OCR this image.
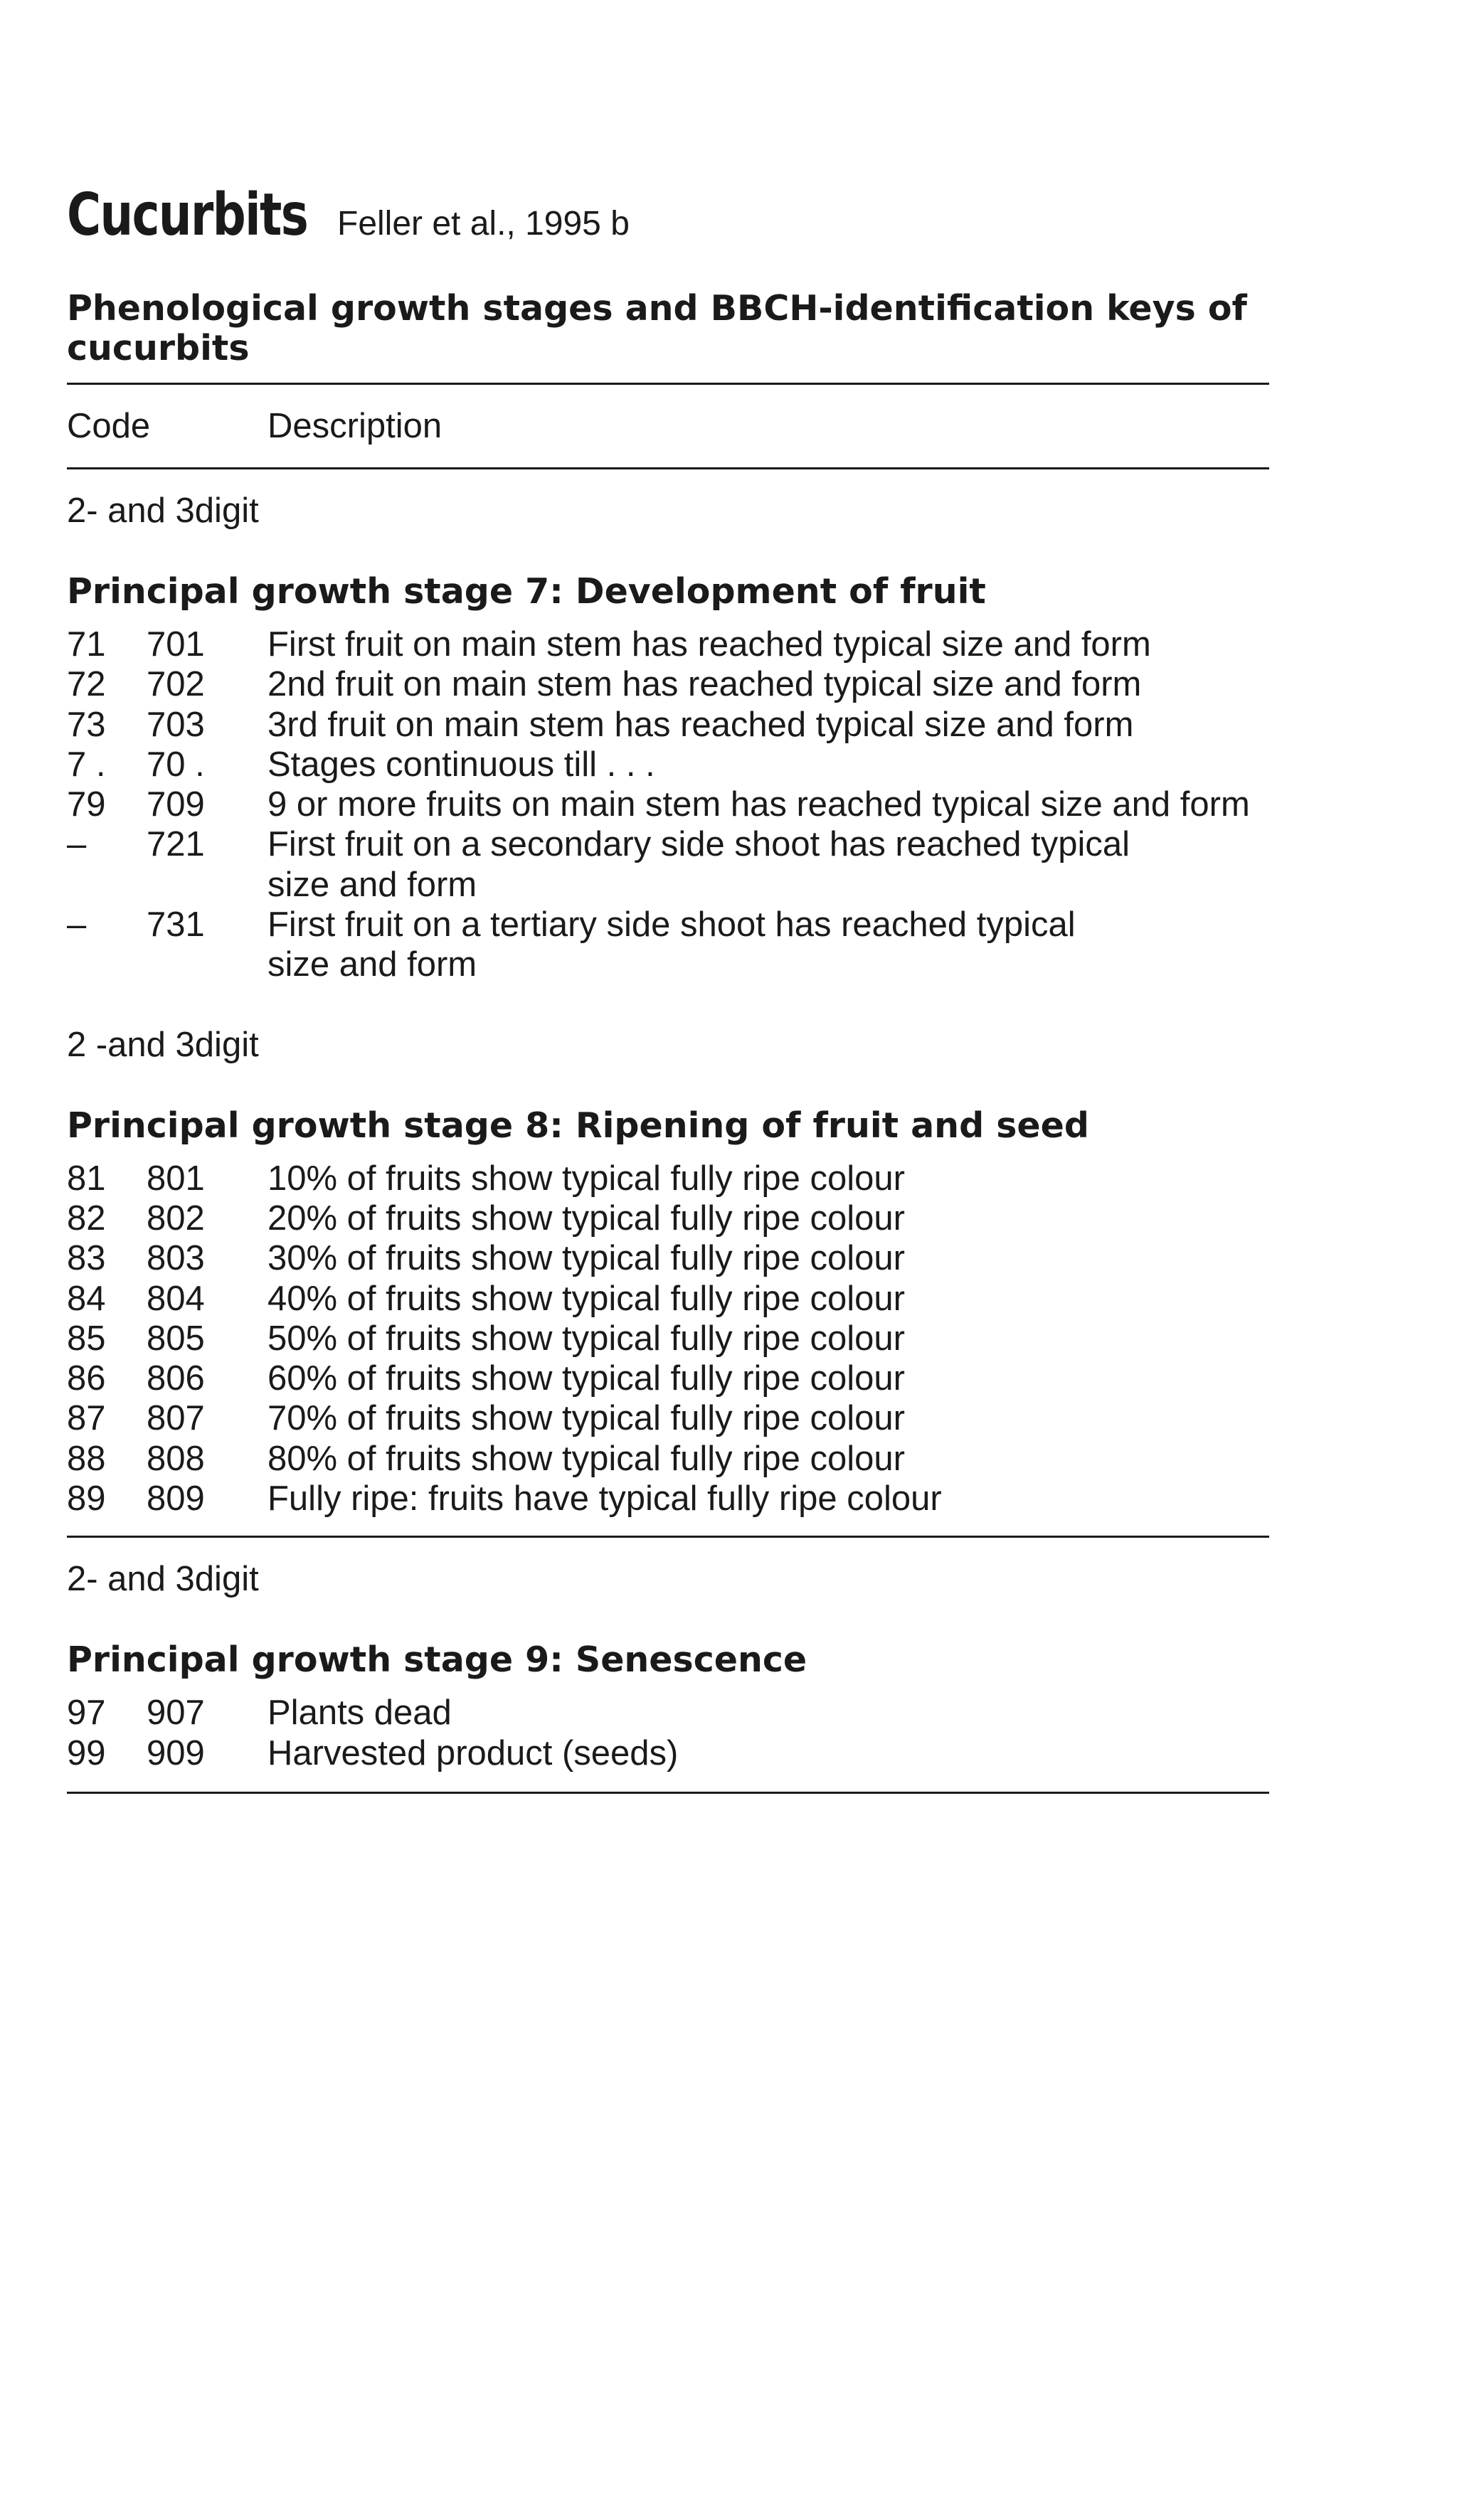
Cucurbits Feller et al., 1995 b
Phenological growth stages and BBCH-identification keys of cucurbits
Code	Description
2- and 3digit
Principal growth stage 7: Development of fruit
71	701	First fruit on main stem has reached typical size and form
72	702	2nd fruit on main stem has reached typical size and form
73	703	3rd fruit on main stem has reached typical size and form
7 .	70 .	Stages continuous till . . .
79	709	9 or more fruits on main stem has reached typical size and form
–	721	First fruit on a secondary side shoot has reached typical size and form
–	731	First fruit on a tertiary side shoot has reached typical size and form
2 -and 3digit
Principal growth stage 8: Ripening of fruit and seed
81	801	10% of fruits show typical fully ripe colour
82	802	20% of fruits show typical fully ripe colour
83	803	30% of fruits show typical fully ripe colour
84	804	40% of fruits show typical fully ripe colour
85	805	50% of fruits show typical fully ripe colour
86	806	60% of fruits show typical fully ripe colour
87	807	70% of fruits show typical fully ripe colour
88	808	80% of fruits show typical fully ripe colour
89	809	Fully ripe: fruits have typical fully ripe colour
2- and 3digit
Principal growth stage 9: Senescence
97	907	Plants dead
99	909	Harvested product (seeds)
